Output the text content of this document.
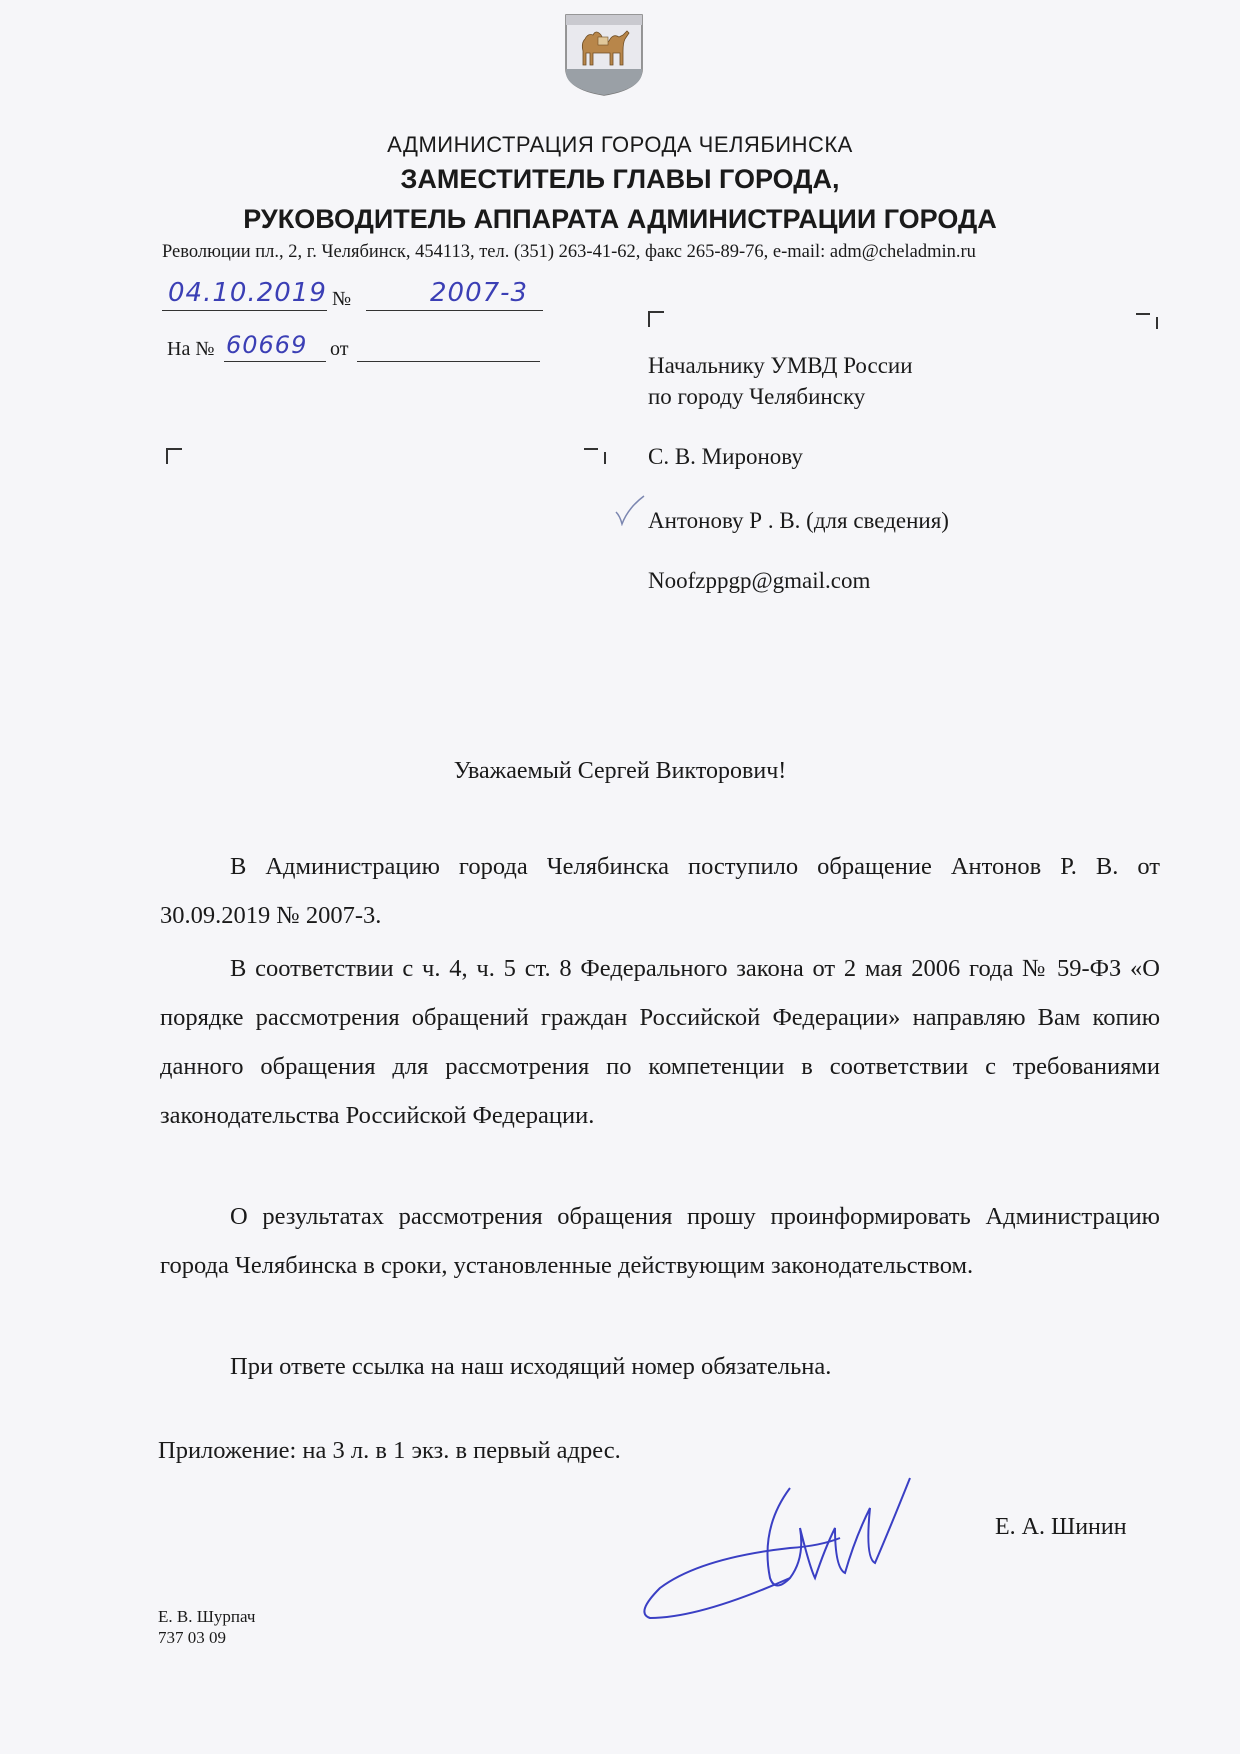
АДМИНИСТРАЦИЯ ГОРОДА ЧЕЛЯБИНСКА
ЗАМЕСТИТЕЛЬ ГЛАВЫ ГОРОДА,
РУКОВОДИТЕЛЬ АППАРАТА АДМИНИСТРАЦИИ ГОРОДА
Революции пл., 2, г. Челябинск, 454113, тел. (351) 263-41-62, факс 265-89-76, e-mail: adm@cheladmin.ru
04.10.2019 №	2007-3
На № 60669 от
Начальнику УМВД России
по городу Челябинску
С. В. Миронову
Антонову Р . В. (для сведения)
Noofzppgp@gmail.com
Уважаемый Сергей Викторович!
В Администрацию города Челябинска поступило обращение Антонов Р. В. от 30.09.2019 № 2007-3.
В соответствии с ч. 4, ч. 5 ст. 8 Федерального закона от 2 мая 2006 года № 59-ФЗ «О порядке рассмотрения обращений граждан Российской Федерации» направляю Вам копию данного обращения для рассмотрения по компетенции в соответствии с требованиями законодательства Российской Федерации.
О результатах рассмотрения обращения прошу проинформировать Администрацию города Челябинска в сроки, установленные действующим законодательством.
При ответе ссылка на наш исходящий номер обязательна.
Приложение: на 3 л. в 1 экз. в первый адрес.
Е. А. Шинин
Е. В. Шурпач
737 03 09
